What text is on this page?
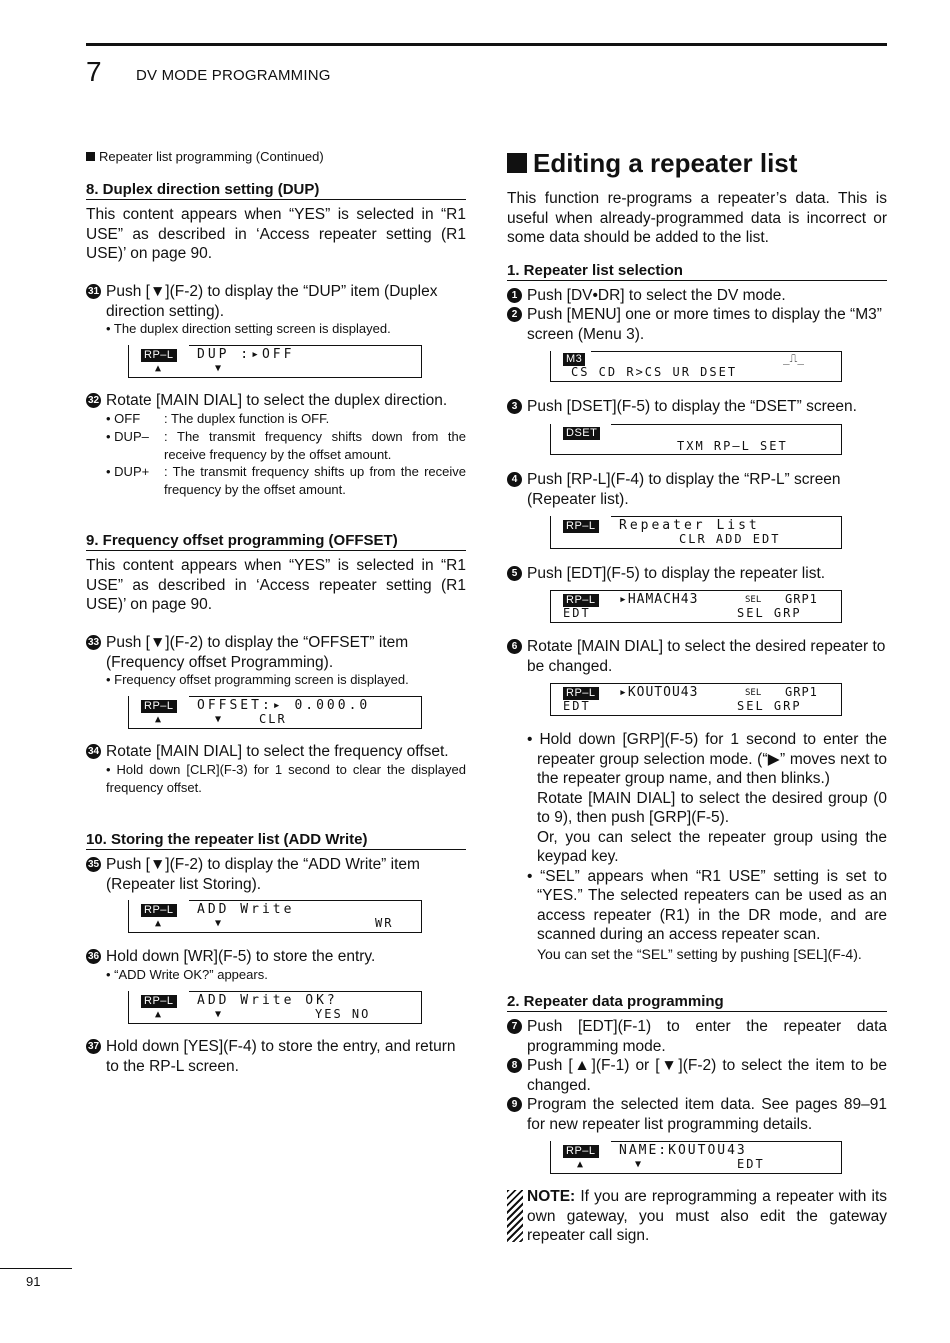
7 DV MODE PROGRAMMING
Repeater list programming (Continued)
8. Duplex direction setting (DUP)

This content appears when “YES” is selected in “R1 USE” as described in ‘Access repeater setting (R1 USE)’ on page 90.

31 Push [▼](F-2) to display the “DUP” item (Duplex direction setting).
• The duplex direction setting screen is displayed.
RP–L DUP :▸OFF
▲	▼
32 Rotate [MAIN DIAL] to select the duplex direction.
• OFF : The duplex function is OFF.
• DUP–	: The transmit frequency shifts down from the receive frequency by the offset amount.
• DUP+	: The transmit frequency shifts up from the receive frequency by the offset amount.
9. Frequency offset programming (OFFSET)

This content appears when “YES” is selected in “R1 USE” as described in ‘Access repeater setting (R1 USE)’ on page 90.

33 Push [▼](F-2) to display the “OFFSET” item (Frequency offset Programming).
• Frequency offset programming screen is displayed.
RP–L OFFSET:▸ 0.000.0
▲	▼	CLR
34 Rotate [MAIN DIAL] to select the frequency offset.
• Hold down [CLR](F-3) for 1 second to clear the displayed frequency offset.
10. Storing the repeater list (ADD Write)
35 Push [▼](F-2) to display the “ADD Write” item (Repeater list Storing).
RP–L ADD Write
▲	▼	WR
36 Hold down [WR](F-5) to store the entry.
• “ADD Write OK?” appears.
RP–L ADD Write OK?
▲	▼	YES NO
37 Hold down [YES](F-4) to store the entry, and return to the RP-L screen.
Editing a repeater list

This function re-programs a repeater’s data. This is useful when already-programmed data is incorrect or some data should be added to the list.

1. Repeater list selection
1 Push [DV•DR] to select the DV mode.
2 Push [MENU] one or more times to display the “M3” screen (Menu 3).
M3	_⎍_
CS CD R>CS UR DSET
3 Push [DSET](F-5) to display the “DSET” screen.
DSET
TXM RP–L SET
4 Push [RP-L](F-4) to display the “RP-L” screen (Repeater list).
RP–L Repeater List
CLR ADD EDT
5 Push [EDT](F-5) to display the repeater list.
RP–L ▸HAMACH43	SEL GRP1
EDT	SEL GRP
6 Rotate [MAIN DIAL] to select the desired repeater to be changed.
RP–L ▸KOUTOU43	SEL GRP1
EDT	SEL GRP

• Hold down [GRP](F-5) for 1 second to enter the repeater group selection mode. (“▶” moves next to the repeater group name, and then blinks.)

Rotate [MAIN DIAL] to select the desired group (0 to 9), then push [GRP](F-5).

Or, you can select the repeater group using the keypad key.

• “SEL” appears when “R1 USE” setting is set to “YES.” The selected repeaters can be used as an access repeater (R1) in the DR mode, and are scanned during an access repeater scan.

You can set the “SEL” setting by pushing [SEL](F-4).

2. Repeater data programming
7 Push [EDT](F-1) to enter the repeater data programming mode.
8 Push [▲](F-1) or [▼](F-2) to select the item to be changed.
9 Program the selected item data. See pages 89–91 for new repeater list programming details.
RP–L NAME:KOUTOU43
▲	▼	EDT

NOTE: If you are reprogramming a repeater with its own gateway, you must also edit the gateway repeater call sign.

91
